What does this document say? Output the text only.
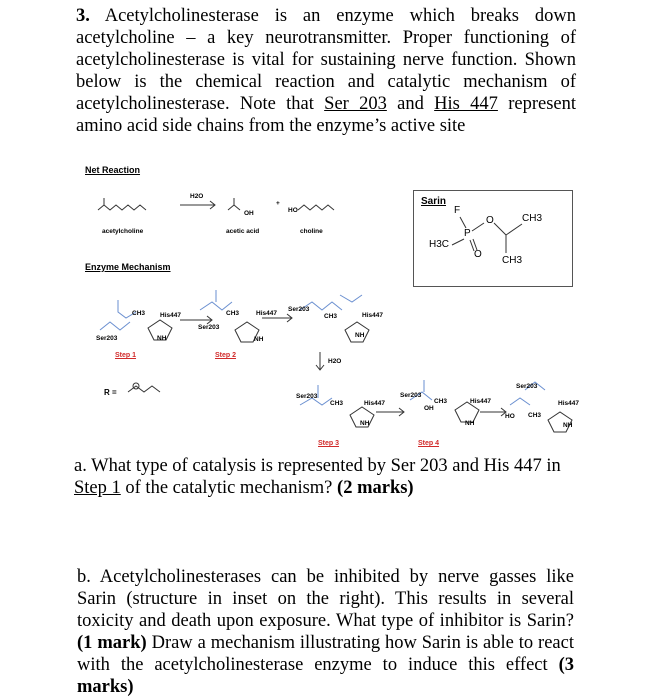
3. Acetylcholinesterase is an enzyme which breaks down acetylcholine – a key neurotransmitter. Proper functioning of acetylcholinesterase is vital for sustaining nerve function. Shown below is the chemical reaction and catalytic mechanism of acetylcholinesterase. Note that Ser 203 and His 447 represent amino acid side chains from the enzyme’s active site
Net Reaction
H2O
+
acetylcholine	acetic acid	choline
OH	HO
Enzyme Mechanism
Ser203
His447
CH3
NH
Ser203
His447
CH3
NH
Ser203
His447
CH3
NH
Step 1	Step 2
H2O
R =	Ser203
His447
CH3
NH
Ser203
His447
CH3
OH
NH
Ser203
His447
CH3
HO
NH
Step 3	Step 4
Sarin
F
O
P
H3C
O
CH3
CH3
a. What type of catalysis is represented by Ser 203 and His 447 in Step 1 of the catalytic mechanism? (2 marks)
b. Acetylcholinesterases can be inhibited by nerve gasses like Sarin (structure in inset on the right). This results in several toxicity and death upon exposure. What type of inhibitor is Sarin? (1 mark) Draw a mechanism illustrating how Sarin is able to react with the acetylcholinesterase enzyme to induce this effect (3 marks)
